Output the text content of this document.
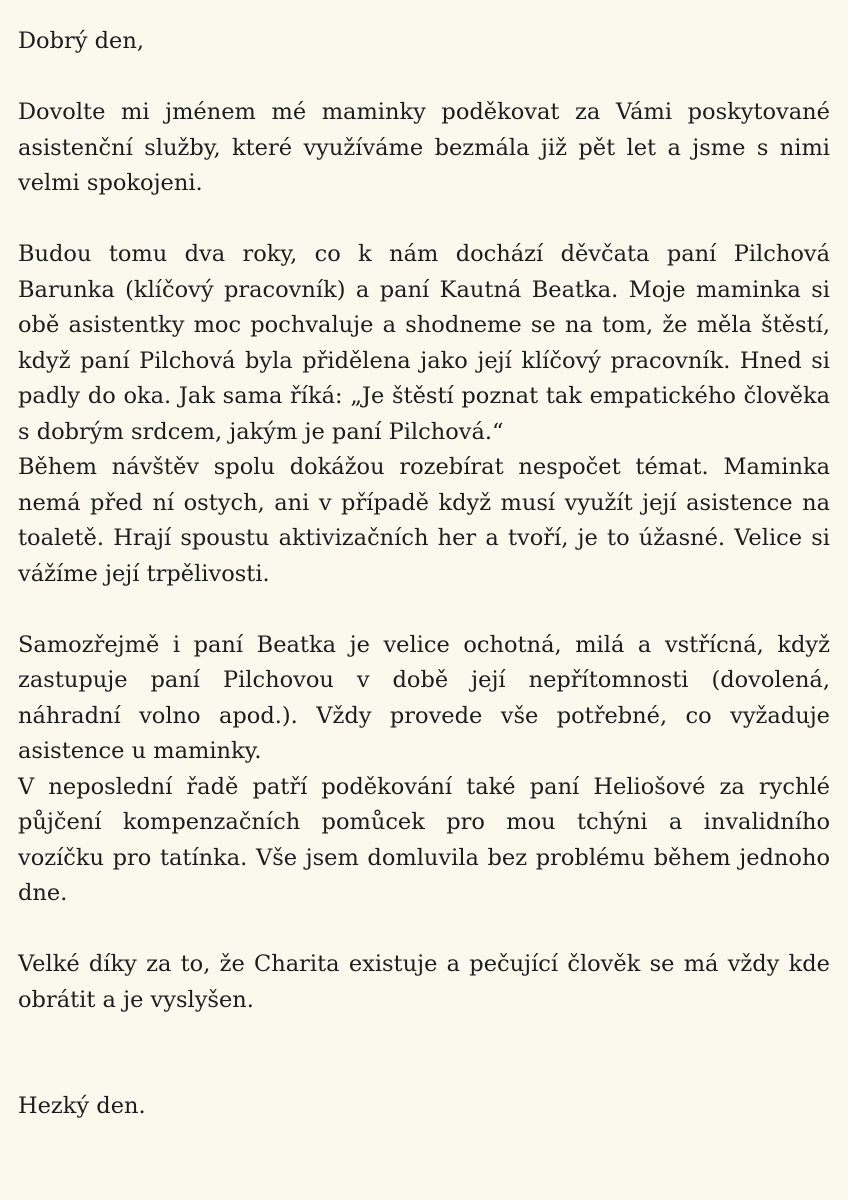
Dobrý den,
Dovolte mi jménem mé maminky poděkovat za Vámi poskytované
asistenční služby, které využíváme bezmála již pět let a jsme s nimi
velmi spokojeni.
Budou tomu dva roky, co k nám dochází děvčata paní Pilchová
Barunka (klíčový pracovník) a paní Kautná Beatka. Moje maminka si
obě asistentky moc pochvaluje a shodneme se na tom, že měla štěstí,
když paní Pilchová byla přidělena jako její klíčový pracovník. Hned si
padly do oka. Jak sama říká: „Je štěstí poznat tak empatického člověka
s dobrým srdcem, jakým je paní Pilchová.“
Během návštěv spolu dokážou rozebírat nespočet témat. Maminka
nemá před ní ostych, ani v případě když musí využít její asistence na
toaletě. Hrají spoustu aktivizačních her a tvoří, je to úžasné. Velice si
vážíme její trpělivosti.
Samozřejmě i paní Beatka je velice ochotná, milá a vstřícná, když
zastupuje paní Pilchovou v době její nepřítomnosti (dovolená,
náhradní volno apod.). Vždy provede vše potřebné, co vyžaduje
asistence u maminky.
V neposlední řadě patří poděkování také paní Heliošové za rychlé
půjčení kompenzačních pomůcek pro mou tchýni a invalidního
vozíčku pro tatínka. Vše jsem domluvila bez problému během jednoho
dne.
Velké díky za to, že Charita existuje a pečující člověk se má vždy kde
obrátit a je vyslyšen.
Hezký den.
